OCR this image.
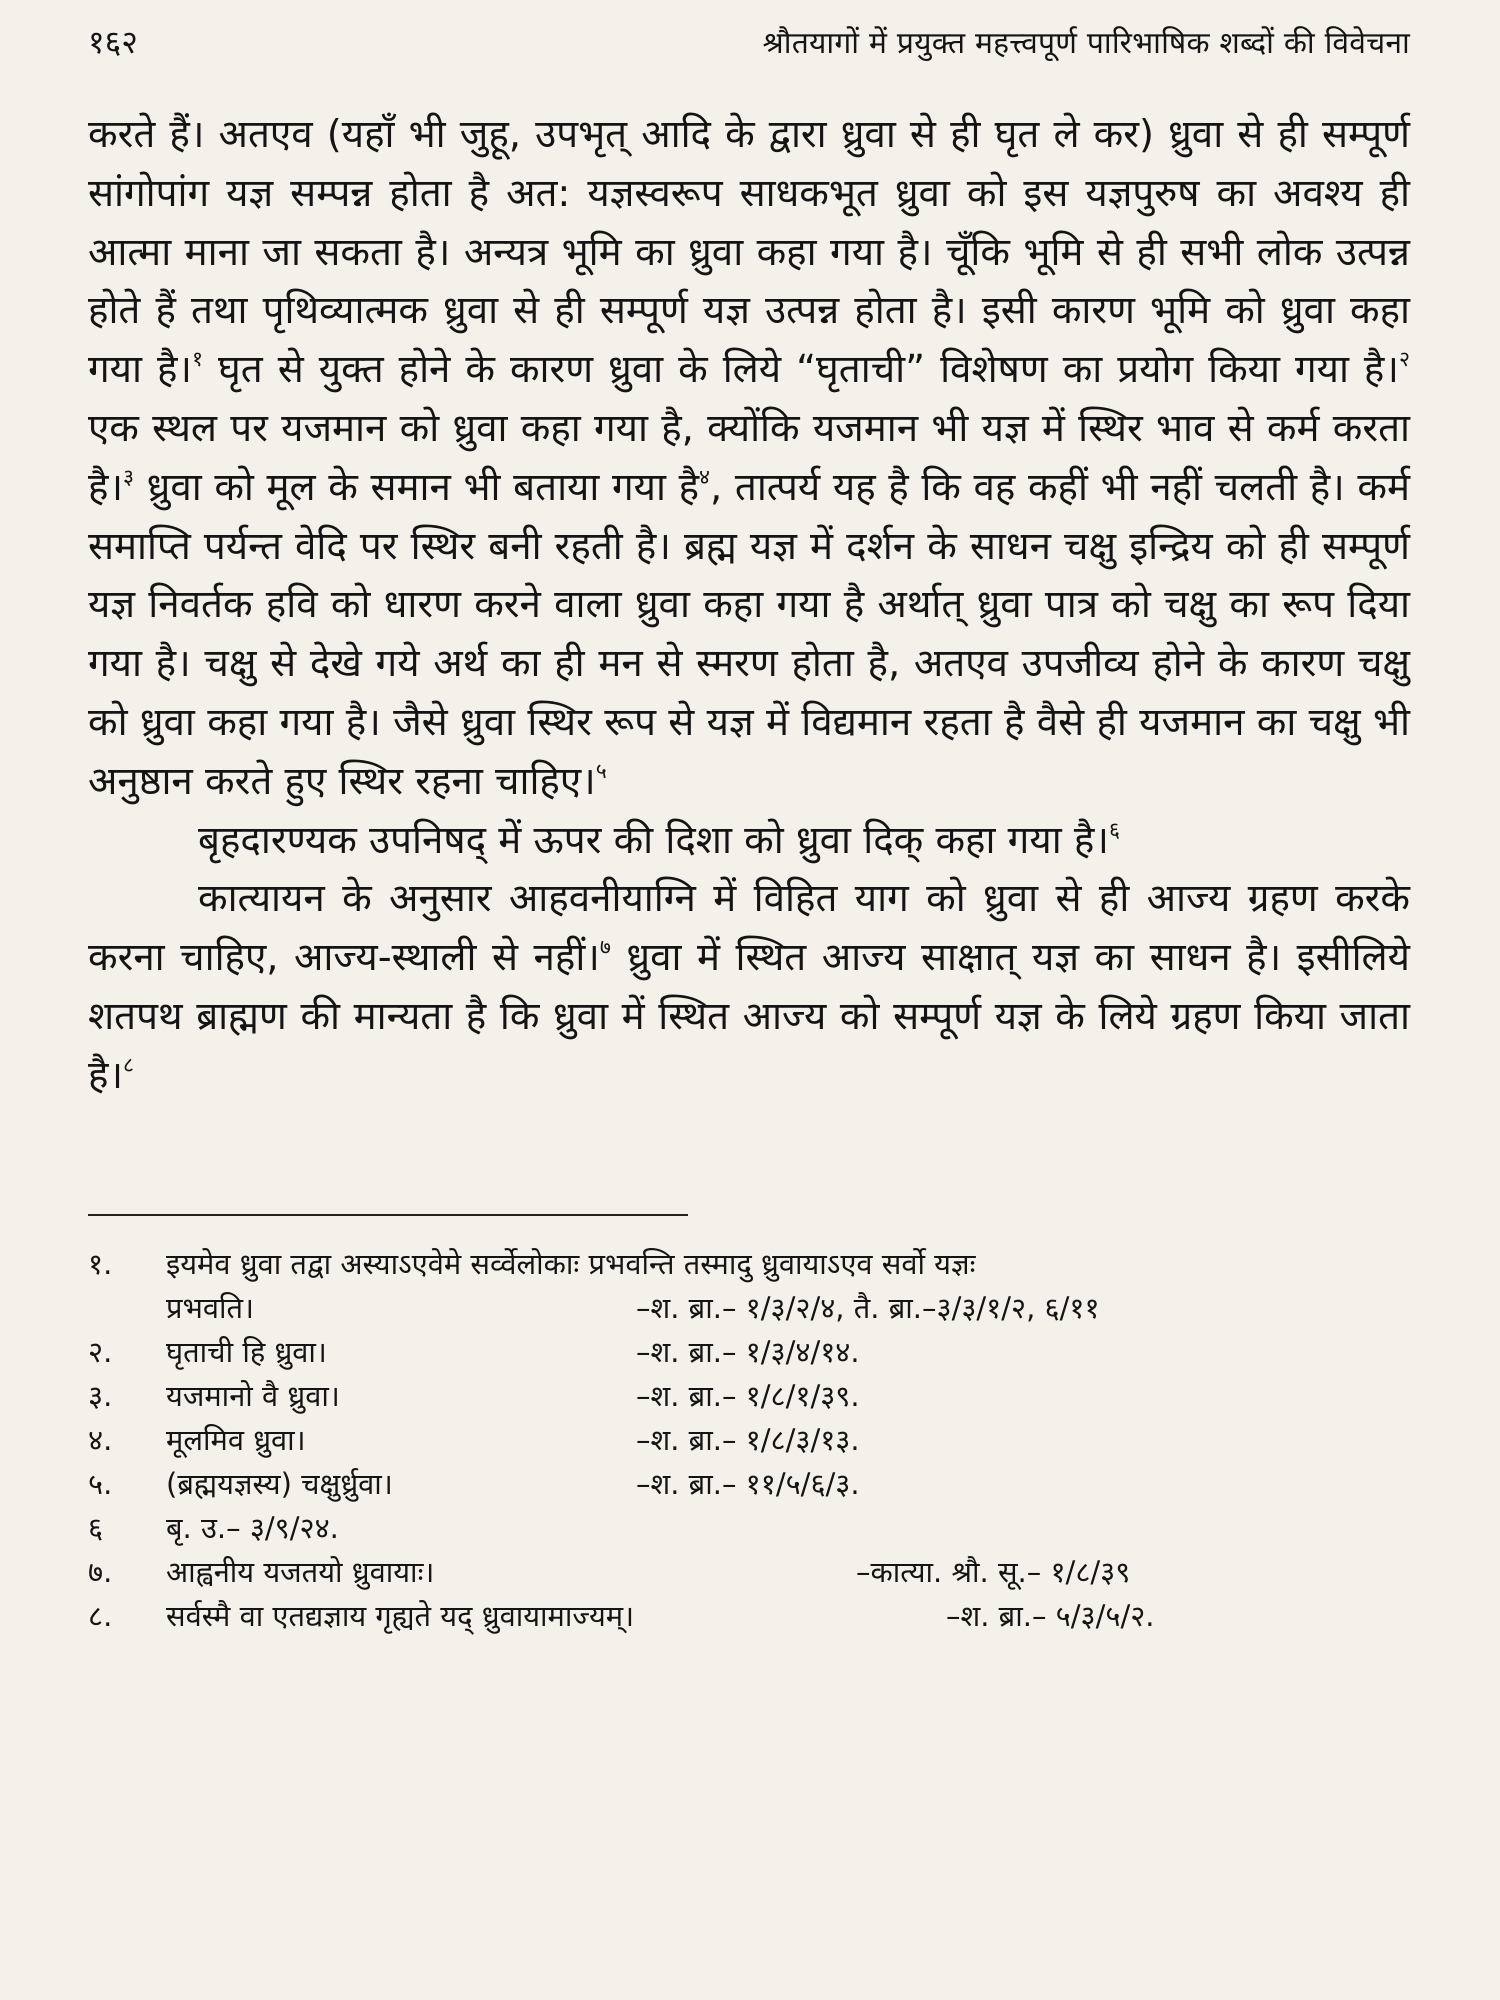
१६२	श्रौतयागों में प्रयुक्त महत्त्वपूर्ण पारिभाषिक शब्दों की विवेचना

करते हैं। अतएव (यहाँ भी जुहू, उपभृत् आदि के द्वारा ध्रुवा से ही घृत ले कर) ध्रुवा से ही सम्पूर्ण सांगोपांग यज्ञ सम्पन्न होता है अत: यज्ञस्वरूप साधकभूत ध्रुवा को इस यज्ञपुरुष का अवश्य ही आत्मा माना जा सकता है। अन्यत्र भूमि का ध्रुवा कहा गया है। चूँकि भूमि से ही सभी लोक उत्पन्न होते हैं तथा पृथिव्यात्मक ध्रुवा से ही सम्पूर्ण यज्ञ उत्पन्न होता है। इसी कारण भूमि को ध्रुवा कहा गया है।$^१$ घृत से युक्त होने के कारण ध्रुवा के लिये “घृताची” विशेषण का प्रयोग किया गया है।$^२$ एक स्थल पर यजमान को ध्रुवा कहा गया है, क्योंकि यजमान भी यज्ञ में स्थिर भाव से कर्म करता है।$^३$ ध्रुवा को मूल के समान भी बताया गया है$^४$, तात्पर्य यह है कि वह कहीं भी नहीं चलती है। कर्म समाप्ति पर्यन्त वेदि पर स्थिर बनी रहती है। ब्रह्म यज्ञ में दर्शन के साधन चक्षु इन्द्रिय को ही सम्पूर्ण यज्ञ निवर्तक हवि को धारण करने वाला ध्रुवा कहा गया है अर्थात् ध्रुवा पात्र को चक्षु का रूप दिया गया है। चक्षु से देखे गये अर्थ का ही मन से स्मरण होता है, अतएव उपजीव्य होने के कारण चक्षु को ध्रुवा कहा गया है। जैसे ध्रुवा स्थिर रूप से यज्ञ में विद्यमान रहता है वैसे ही यजमान का चक्षु भी अनुष्ठान करते हुए स्थिर रहना चाहिए।$^५$

बृहदारण्यक उपनिषद् में ऊपर की दिशा को ध्रुवा दिक् कहा गया है।$^६$

कात्यायन के अनुसार आहवनीयाग्नि में विहित याग को ध्रुवा से ही आज्य ग्रहण करके करना चाहिए, आज्य-स्थाली से नहीं।$^७$ ध्रुवा में स्थित आज्य साक्षात् यज्ञ का साधन है। इसीलिये शतपथ ब्राह्मण की मान्यता है कि ध्रुवा में स्थित आज्य को सम्पूर्ण यज्ञ के लिये ग्रहण किया जाता है।$^८$

१.	इयमेव ध्रुवा तद्वा अस्याऽएवेमे सर्व्वेलोकाः प्रभवन्ति तस्मादु ध्रुवायाऽएव सर्वो यज्ञः
प्रभवति।	–श. ब्रा.– १/३/२/४, तै. ब्रा.–३/३/१/२, ६/११
२.	घृताची हि ध्रुवा।	–श. ब्रा.– १/३/४/१४.
३.	यजमानो वै ध्रुवा।	–श. ब्रा.– १/८/१/३९.
४.	मूलमिव ध्रुवा।	–श. ब्रा.– १/८/३/१३.
५.	(ब्रह्मयज्ञस्य) चक्षुर्ध्रुवा।	–श. ब्रा.– ११/५/६/३.
६	बृ. उ.– ३/९/२४.
७.	आह्वनीय यजतयो ध्रुवायाः।	–कात्या. श्रौ. सू.– १/८/३९
८.	सर्वस्मै वा एतद्यज्ञाय गृह्यते यद् ध्रुवायामाज्यम्।	–श. ब्रा.– ५/३/५/२.
